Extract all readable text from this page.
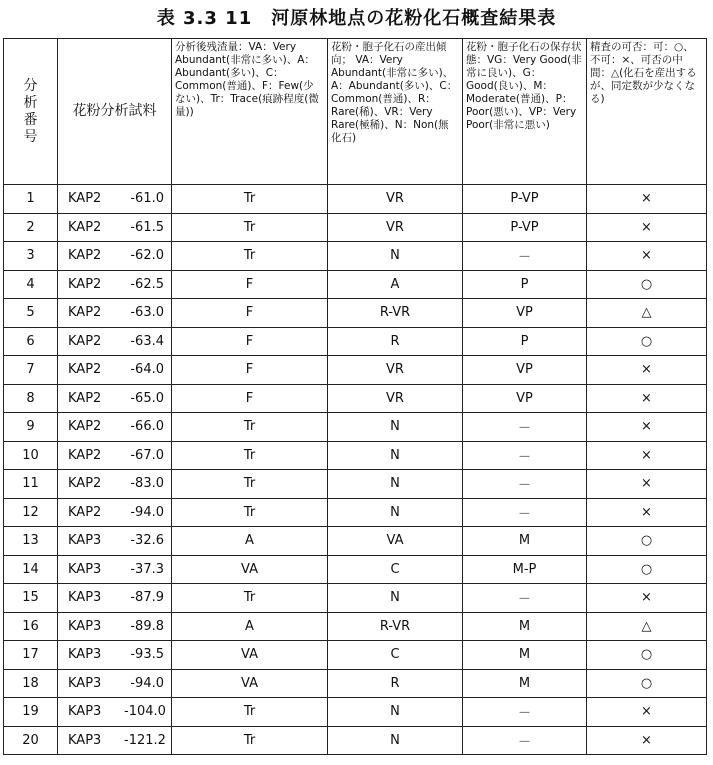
表 3.3 11　河原林地点の花粉化石概査結果表
分
析
番
号	花粉分析試料	分析後残渣量：VA：Very Abundant(非常に多い)、A：Abundant(多い)、C：Common(普通)、F：Few(少ない)、Tr：Trace(痕跡程度(微量))	花粉・胞子化石の産出傾向； VA：Very Abundant(非常に多い)、A：Abundant(多い)、C：Common(普通)、R：Rare(稀)、VR：Very Rare(極稀)、N：Non(無化石)	花粉・胞子化石の保存状態：VG：Very Good(非常に良い)、G：Good(良い)、M：Moderate(普通)、P：Poor(悪い)、VP：Very Poor(非常に悪い)	精査の可否：可：○、不可：×、可否の中間：△(化石を産出するが、同定数が少なくなる)
1	KAP2 -61.0	Tr	VR	P-VP	×
2	KAP2 -61.5	Tr	VR	P-VP	×
3	KAP2 -62.0	Tr	N	－	×
4	KAP2 -62.5	F	A	P	○
5	KAP2 -63.0	F	R-VR	VP	△
6	KAP2 -63.4	F	R	P	○
7	KAP2 -64.0	F	VR	VP	×
8	KAP2 -65.0	F	VR	VP	×
9	KAP2 -66.0	Tr	N	－	×
10	KAP2 -67.0	Tr	N	－	×
11	KAP2 -83.0	Tr	N	－	×
12	KAP2 -94.0	Tr	N	－	×
13	KAP3 -32.6	A	VA	M	○
14	KAP3 -37.3	VA	C	M-P	○
15	KAP3 -87.9	Tr	N	－	×
16	KAP3 -89.8	A	R-VR	M	△
17	KAP3 -93.5	VA	C	M	○
18	KAP3 -94.0	VA	R	M	○
19	KAP3 -104.0	Tr	N	－	×
20	KAP3 -121.2	Tr	N	－	×
